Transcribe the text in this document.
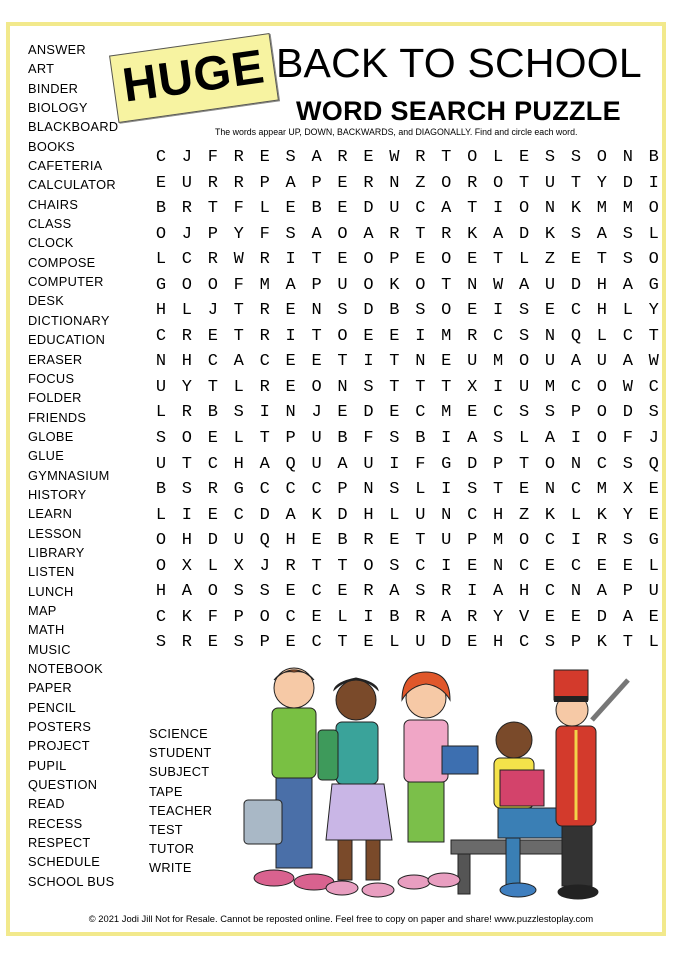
HUGE BACK TO SCHOOL
WORD SEARCH PUZZLE
The words appear UP, DOWN, BACKWARDS, and DIAGONALLY. Find and circle each word.
ANSWER
ART
BINDER
BIOLOGY
BLACKBOARD
BOOKS
CAFETERIA
CALCULATOR
CHAIRS
CLASS
CLOCK
COMPOSE
COMPUTER
DESK
DICTIONARY
EDUCATION
ERASER
FOCUS
FOLDER
FRIENDS
GLOBE
GLUE
GYMNASIUM
HISTORY
LEARN
LESSON
LIBRARY
LISTEN
LUNCH
MAP
MATH
MUSIC
NOTEBOOK
PAPER
PENCIL
POSTERS
PROJECT
PUPIL
QUESTION
READ
RECESS
RESPECT
SCHEDULE
SCHOOL BUS
SCIENCE
STUDENT
SUBJECT
TAPE
TEACHER
TEST
TUTOR
WRITE
C J F R E S A R E W R T O L E S S O N B
E U R R P A P E R N Z O R O T U T Y D I
B R T F L E B E D U C A T I O N K M M O
O J P Y F S A O A R T R K A D K S A S L
L C R W R I T E O P E O E T L Z E T S O
G O O F M A P U O K O T N W A U D H A G
H L J T R E N S D B S O E I S E C H L Y
C R E T R I T O E E I M R C S N Q L C T
N H C A C E E T I T N E U M O U A U A W
U Y T L R E O N S T T T X I U M C O W C
L R B S I N J E D E C M E C S S P O D S
S O E L T P U B F S B I A S L A I O F J
U T C H A Q U A U I F G D P T O N C S Q
B S R G C C C P N S L I S T E N C M X E
L I E C D A K D H L U N C H Z K L K Y E
O H D U Q H E B R E T U P M O C I R S G
O X L X J R T T O S C I E N C E C E E L
H A O S S E C E R A S R I A H C N A P U
C K F P O C E L I B R A R Y V E E D A E
S R E S P E C T E L U D E H C S P K T L
© 2021 Jodi Jill Not for Resale. Cannot be reposted online. Feel free to copy on paper and share! www.puzzlestoplay.com
